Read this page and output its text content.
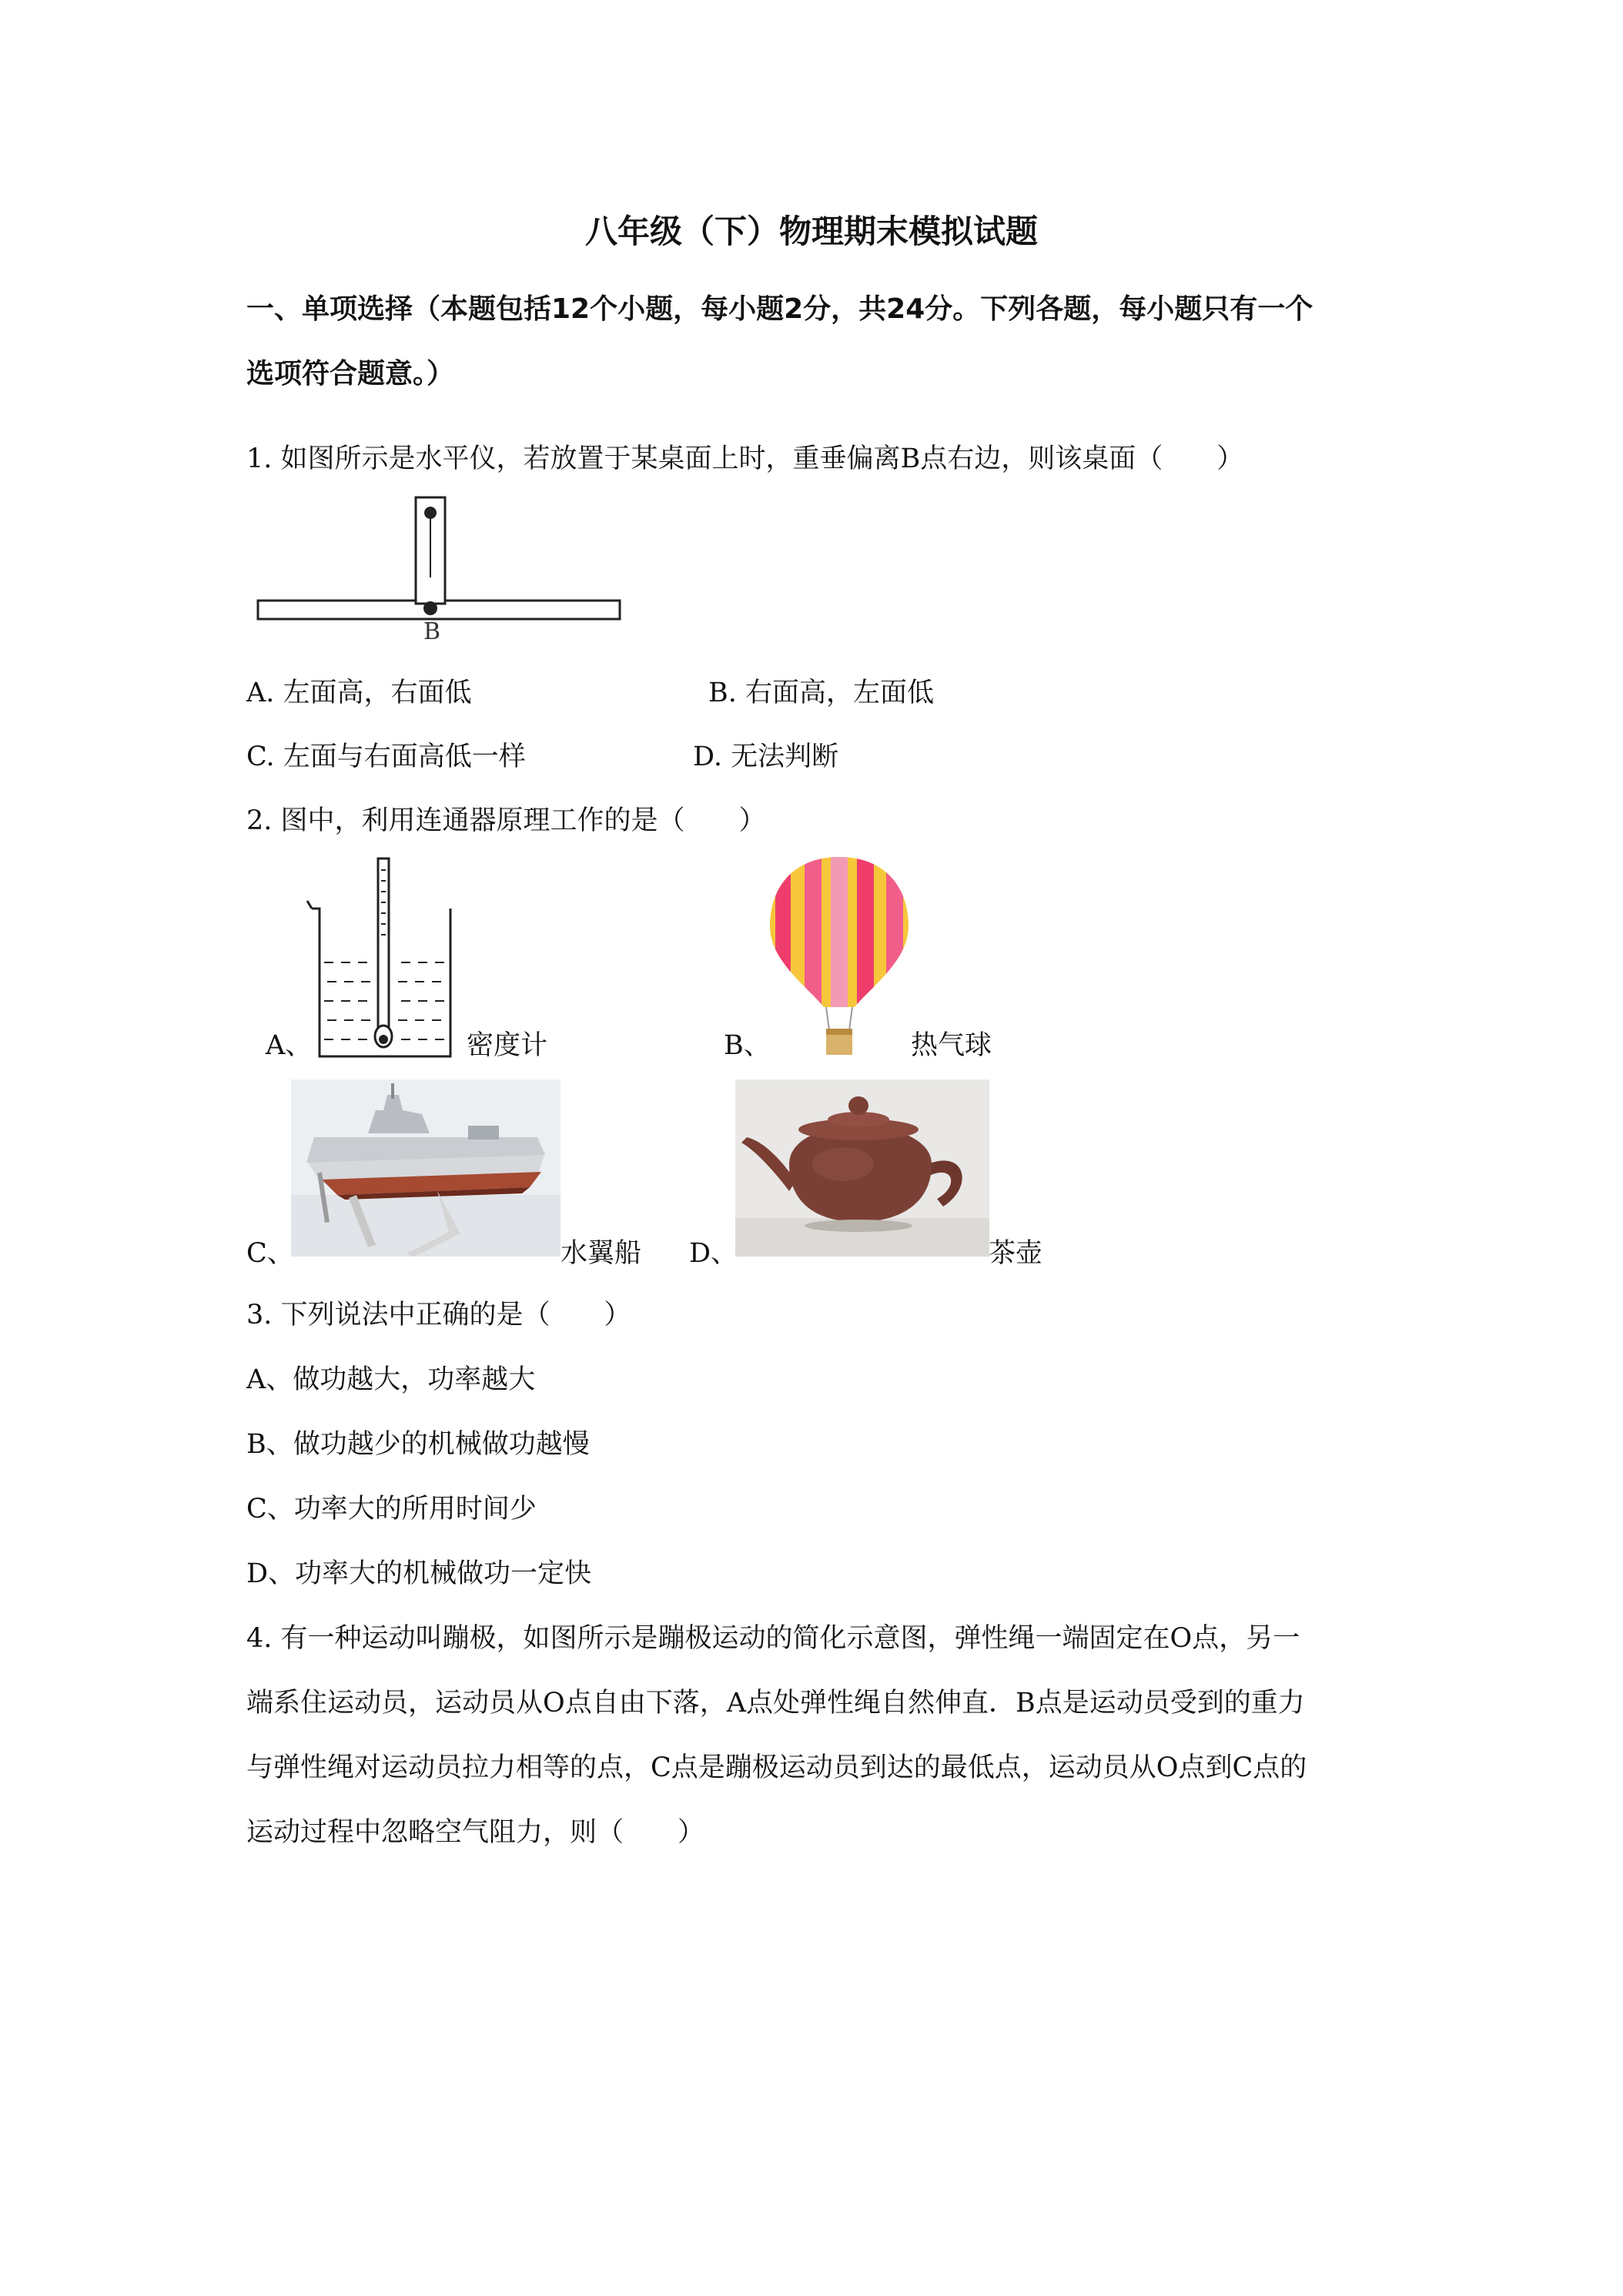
八年级（下）物理期末模拟试题
一、单项选择（本题包括12个小题，每小题2分，共24分。下列各题，每小题只有一个
选项符合题意。）
1. 如图所示是水平仪，若放置于某桌面上时，重垂偏离B点右边，则该桌面（　　）
B
A. 左面高，右面低	B. 右面高，左面低
C. 左面与右面高低一样	D. 无法判断
2. 图中，利用连通器原理工作的是（　　）
A、	密度计	B、	热气球
C、	水翼船 D、	茶壶
3. 下列说法中正确的是（　　）
A、做功越大，功率越大
B、做功越少的机械做功越慢
C、功率大的所用时间少
D、功率大的机械做功一定快
4. 有一种运动叫蹦极，如图所示是蹦极运动的简化示意图，弹性绳一端固定在O点，另一
端系住运动员，运动员从O点自由下落，A点处弹性绳自然伸直．B点是运动员受到的重力
与弹性绳对运动员拉力相等的点，C点是蹦极运动员到达的最低点，运动员从O点到C点的
运动过程中忽略空气阻力，则（　　）
